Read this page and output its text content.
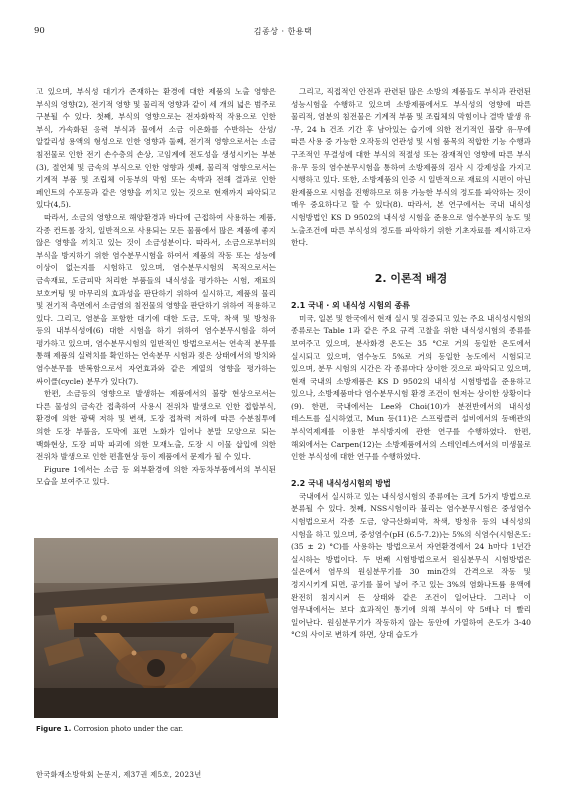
90	김종상 · 한용택

고 있으며, 부식성 대기가 존재하는 환경에 대한 제품의 노출 영향은 부식의 영향(2), 전기적 영향 및 물리적 영향과 같이 세 개의 넓은 범주로 구분될 수 있다. 첫째, 부식의 영향으로는 전자화학적 작용으로 인한 부식, 가속화된 응력 부식과 물에서 소금 이온화를 수반하는 산성/알칼리성 용액의 형성으로 인한 영향과 둘째, 전기적 영향으로서는 소금 침전물로 인한 전기 손수층의 손상, 고임계에 전도성을 생성시키는 부분(3), 절연체 및 금속의 부식으로 인한 영향과 셋째, 물리적 영향으로서는 기계적 부품 및 조립체 이동부의 막힘 또는 속박과 전해 결과로 인한 페인트의 수포등과 같은 영향을 끼치고 있는 것으로 현재까지 파악되고 있다(4,5).

따라서, 소금의 영향으로 해양환경과 바다에 근접하여 사용하는 제품, 각종 컨트롤 장치, 일반적으로 사용되는 모든 물품에서 많은 제품에 좋지 않은 영향을 끼치고 있는 것이 소금성분이다. 따라서, 소금으로부터의 부식을 방지하기 위한 염수분무시험을 하여서 제품의 작동 또는 성능에 이상이 없는지를 시험하고 있으며, 염수분무시험의 목적으로서는 금속재료, 도금피막 처리한 부품들의 내식성을 평가하는 시험, 재료의 보호커팅 및 마무리의 효과성을 판단하기 위하여 실시하고, 제품의 물리 및 전기적 측면에서 소금염의 침전물의 영향을 판단하기 위하여 적용하고 있다. 그리고, 염분을 포함한 대기에 대한 도금, 도막, 착색 및 방청유 등의 내부식성에(6) 대한 시험을 하기 위하여 염수분무시험을 하여 평가하고 있으며, 염수분무시험의 일반적인 방법으로서는 연속적 분무를 통해 제품의 실력치를 확인하는 연속분무 시험과 젖은 상태에서의 방치와 염수분무를 반복함으로서 자연효과와 같은 계열의 영향을 평가하는 싸이클(cycle) 분무가 있다(7).

한편, 소금등의 영향으로 발생하는 제품에서의 불량 현상으로서는 다른 물성의 금속간 접촉하여 사용시 전위차 발생으로 인한 접합부식, 환경에 의한 광택 저하 및 변색, 도장 접착력 저하에 따른 수분침투에 의한 도장 부풀음, 도막에 표면 노화가 일어나 분말 모양으로 되는 백화현상, 도장 피막 파괴에 의한 모재노출, 도장 시 이물 삽입에 의한 전위차 발생으로 인한 편흘현상 등이 제품에서 문제가 될 수 있다.

Figure 1에서는 소금 등 외부환경에 의한 자동차부품에서의 부식된 모습을 보여주고 있다.

Figure 1. Corrosion photo under the car.

그리고, 직접적인 안전과 관련된 많은 소방의 제품들도 부식과 관련된 성능시험을 수행하고 있으며 소방제품에서도 부식성의 영향에 따른 물리적, 염분의 침전물은 기계적 부품 및 조립체의 막힘이나 결박 발생 유·무, 24 h 건조 기간 후 남아있는 습기에 의한 전기적인 불량 유·무에 따른 사용 중 가능한 오작동의 연관성 및 시험 품목의 적합한 기능 수행과 구조적인 무결성에 대한 부식의 적절성 또는 잠재적인 영향에 따른 부식 유·무 등의 염수분무시험을 통하여 소방제품의 검사 시 강제성을 가지고 시행하고 있다. 또한, 소방제품의 인증 시 일반적으로 재료의 시편이 아닌 완제품으로 시험을 진행하므로 허용 가능한 부식의 정도를 파악하는 것이 매우 중요하다고 할 수 있다(8). 따라서, 본 연구에서는 국내 내식성 시험방법인 KS D 9502의 내식성 시험을 준용으로 염수분무의 농도 및 노출조건에 따른 부식성의 정도를 파악하기 위한 기초자료를 제시하고자 한다.

2. 이론적 배경
2.1 국내 · 외 내식성 시험의 종류

미국, 일본 및 한국에서 현재 실시 및 검증되고 있는 주요 내식성시험의 종류로는 Table 1과 같은 주요 규격 고찰을 위한 내식성시험의 종류를 보여주고 있으며, 분사화경 온도는 35 °C로 거의 동일한 온도에서 실시되고 있으며, 염수농도 5%로 거의 동일한 농도에서 시험되고 있으며, 분무 시험의 시간은 각 종류마다 상이한 것으로 파악되고 있으며, 현재 국내의 소방제품은 KS D 9502의 내식성 시험방법을 준용하고 있으나, 소방제품마다 염수분무시험 환경 조건이 현저는 상이한 상황이다(9). 한편, 국내에서는 Lee와 Choi(10)가 분전반에서의 내식성 테스트를 실시하였고, Mun 등(11)은 스프링클러 설비에서의 동배관의 부식억제제를 이용한 부식방지에 관한 연구를 수행하였다. 한편, 해외에서는 Carpen(12)는 소방제품에서의 스테인레스에서의 미생물로 인한 부식성에 대한 연구를 수행하였다.

2.2 국내 내식성시험의 방법

국내에서 실시하고 있는 내식성시험의 종류에는 크게 5가지 방법으로 분류될 수 있다. 첫째, NSS시험이라 불리는 염수분무시험은 중성염수 시험법으로서 각종 도금, 양극산화피막, 착색, 방청유 등의 내식성의 시험을 하고 있으며, 중성염수(pH (6.5-7.2))는 5%의 식염수(시험온도: (35 ± 2) °C)를 사용하는 방법으로서 자연환경에서 24 h마다 1년간 실시하는 방법이다. 두 번째 시험방법으로서 원심분무식 시험방법은 실온에서 염무의 원심분무기를 30 min간의 간격으로 작동 및 정지시키게 되면, 공기를 불어 넣어 주고 있는 3%의 염화나트륨 용액에 완전히 침지시켜 든 상태와 같은 조건이 일어난다. 그러나 이 염무내에서는 보다 효과적인 통기에 의해 부식이 약 5배나 더 빨리 일어난다. 원심분무기가 작동하지 않는 동안에 가열하여 온도가 3-40 °C의 사이로 변하게 하면, 상대 습도가

한국화재소방학회 논문지, 제37권 제5호, 2023년
